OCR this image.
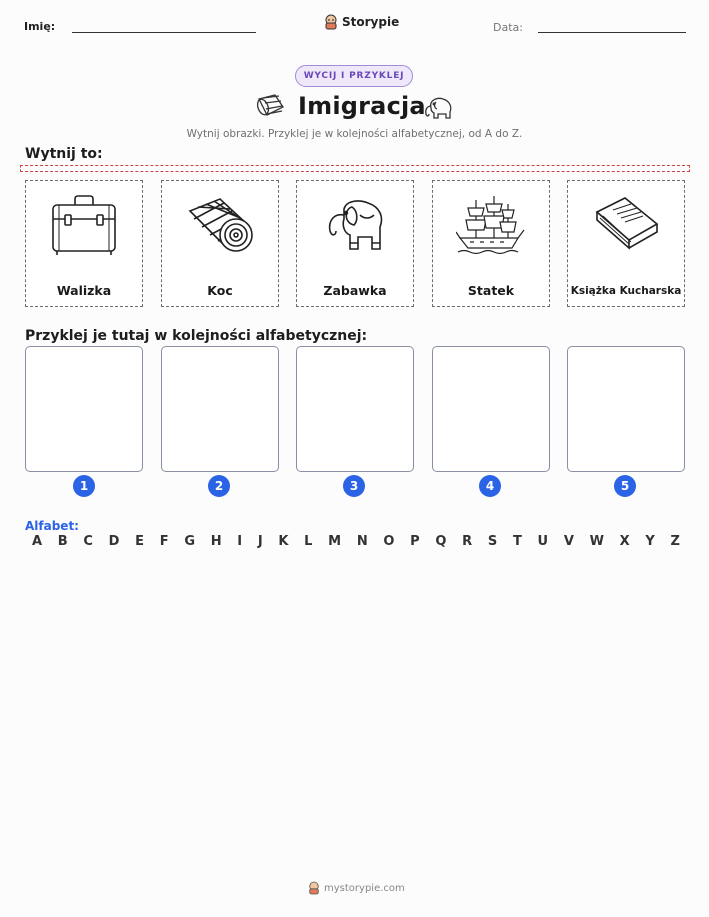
Imię:	Storypie	Data:
WYCIJ I PRZYKLEJ
Imigracja
Wytnij obrazki. Przyklej je w kolejności alfabetycznej, od A do Z.
Wytnij to:
Walizka	Koc	Zabawka	Statek	Książka Kucharska
Przyklej je tutaj w kolejności alfabetycznej:
1	2	3	4	5
Alfabet:
A B C D E F G H I J K L M N O P Q R S T U V W X Y Z
mystorypie.com
